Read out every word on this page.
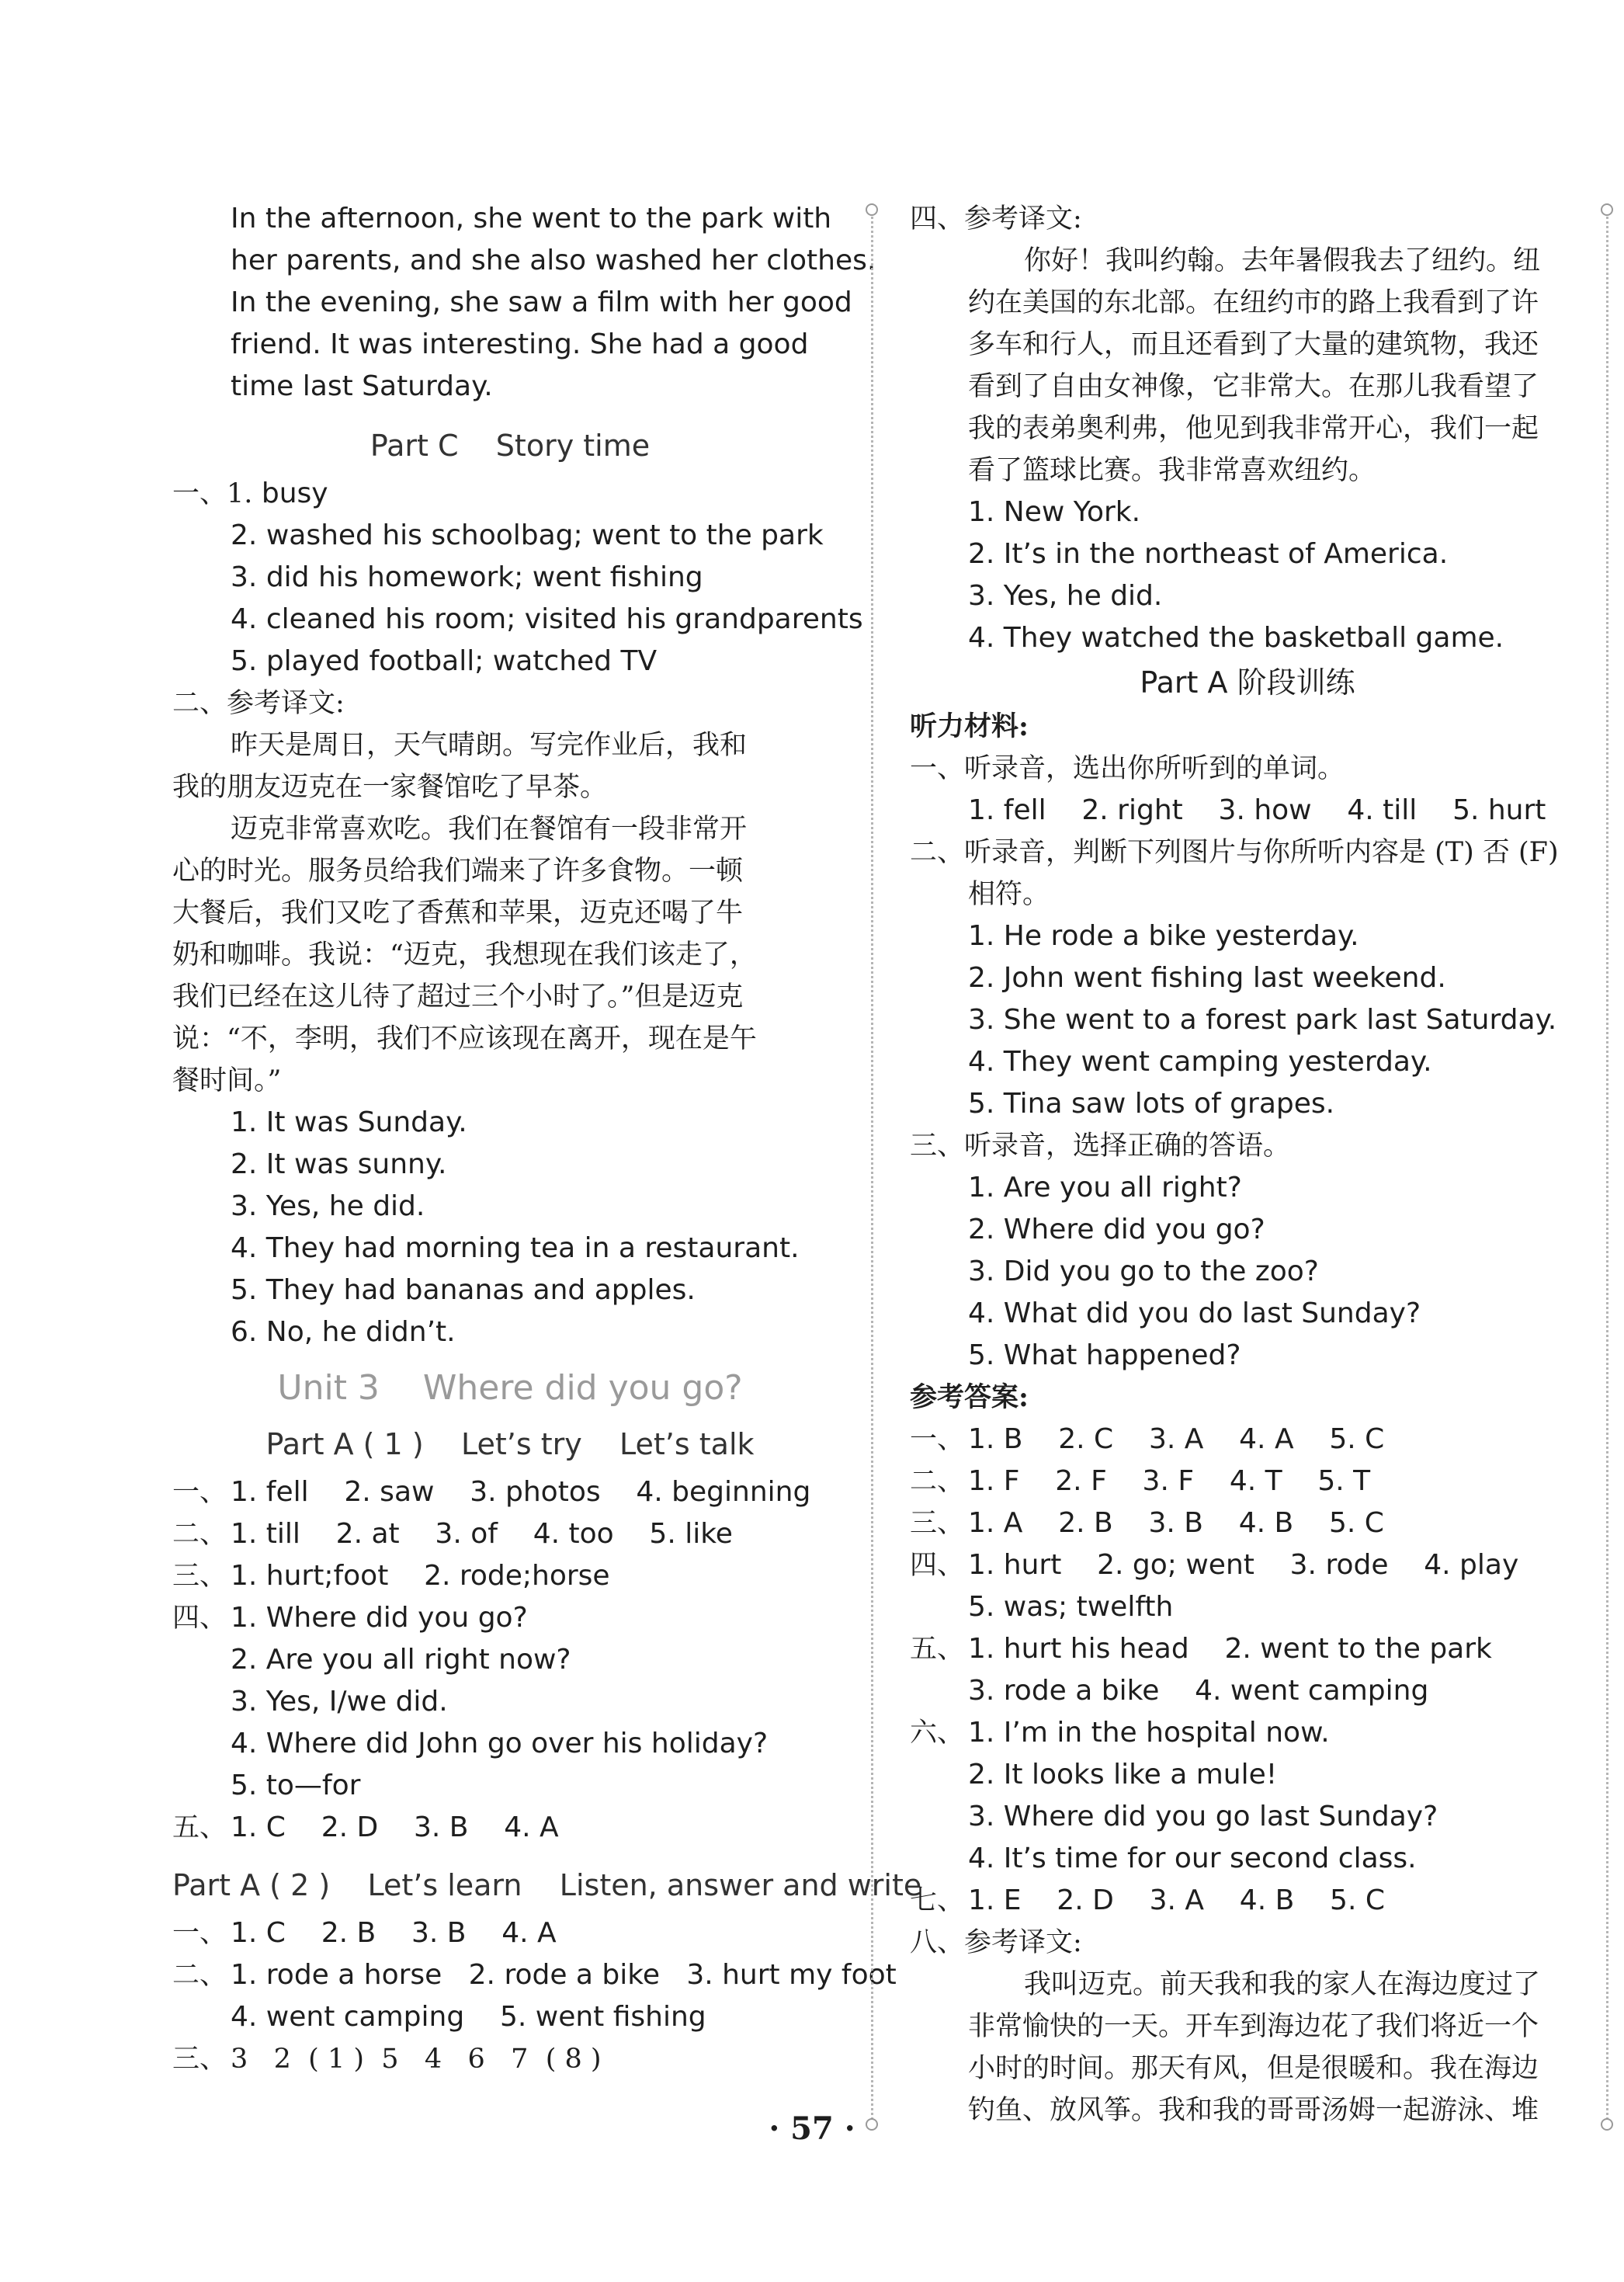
In the afternoon, she went to the park with
her parents, and she also washed her clothes.
In the evening, she saw a film with her good
friend. It was interesting. She had a good
time last Saturday.
Part C    Story time
一、1. busy
2. washed his schoolbag; went to the park
3. did his homework; went fishing
4. cleaned his room; visited his grandparents
5. played football; watched TV
二、参考译文:
昨天是周日，天气晴朗。写完作业后，我和
我的朋友迈克在一家餐馆吃了早茶。
迈克非常喜欢吃。我们在餐馆有一段非常开
心的时光。服务员给我们端来了许多食物。一顿
大餐后，我们又吃了香蕉和苹果，迈克还喝了牛
奶和咖啡。我说：“迈克，我想现在我们该走了，
我们已经在这儿待了超过三个小时了。”但是迈克
说：“不，李明，我们不应该现在离开，现在是午
餐时间。”
1. It was Sunday.
2. It was sunny.
3. Yes, he did.
4. They had morning tea in a restaurant.
5. They had bananas and apples.
6. No, he didn’t.
Unit 3    Where did you go?
Part A ( 1 )    Let’s try    Let’s talk
一、 1. fell    2. saw    3. photos    4. beginning
二、 1. till    2. at    3. of    4. too    5. like
三、 1. hurt;foot    2. rode;horse
四、 1. Where did you go?
2. Are you all right now?
3. Yes, I/we did.
4. Where did John go over his holiday?
5. to—for
五、 1. C    2. D    3. B    4. A
Part A ( 2 )    Let’s learn    Listen, answer and write
一、 1. C    2. B    3. B    4. A
二、 1. rode a horse   2. rode a bike   3. hurt my foot
4. went camping    5. went fishing
三、 3   2  ( 1 )  5   4   6   7  ( 8 )
四、参考译文:
你好！我叫约翰。去年暑假我去了纽约。纽
约在美国的东北部。在纽约市的路上我看到了许
多车和行人，而且还看到了大量的建筑物，我还
看到了自由女神像，它非常大。在那儿我看望了
我的表弟奥利弗，他见到我非常开心，我们一起
看了篮球比赛。我非常喜欢纽约。
1. New York.
2. It’s in the northeast of America.
3. Yes, he did.
4. They watched the basketball game.
Part A 阶段训练
听力材料:
一、听录音，选出你所听到的单词。
1. fell    2. right    3. how    4. till    5. hurt
二、听录音，判断下列图片与你所听内容是 (T) 否 (F)
相符。
1. He rode a bike yesterday.
2. John went fishing last weekend.
3. She went to a forest park last Saturday.
4. They went camping yesterday.
5. Tina saw lots of grapes.
三、听录音，选择正确的答语。
1. Are you all right?
2. Where did you go?
3. Did you go to the zoo?
4. What did you do last Sunday?
5. What happened?
参考答案:
一、 1. B    2. C    3. A    4. A    5. C
二、 1. F    2. F    3. F    4. T    5. T
三、 1. A    2. B    3. B    4. B    5. C
四、 1. hurt    2. go; went    3. rode    4. play
5. was; twelfth
五、 1. hurt his head    2. went to the park
3. rode a bike    4. went camping
六、 1. I’m in the hospital now.
2. It looks like a mule!
3. Where did you go last Sunday?
4. It’s time for our second class.
七、 1. E    2. D    3. A    4. B    5. C
八、参考译文:
我叫迈克。前天我和我的家人在海边度过了
非常愉快的一天。开车到海边花了我们将近一个
小时的时间。那天有风，但是很暖和。我在海边
钓鱼、放风筝。我和我的哥哥汤姆一起游泳、堆
· 57 ·
